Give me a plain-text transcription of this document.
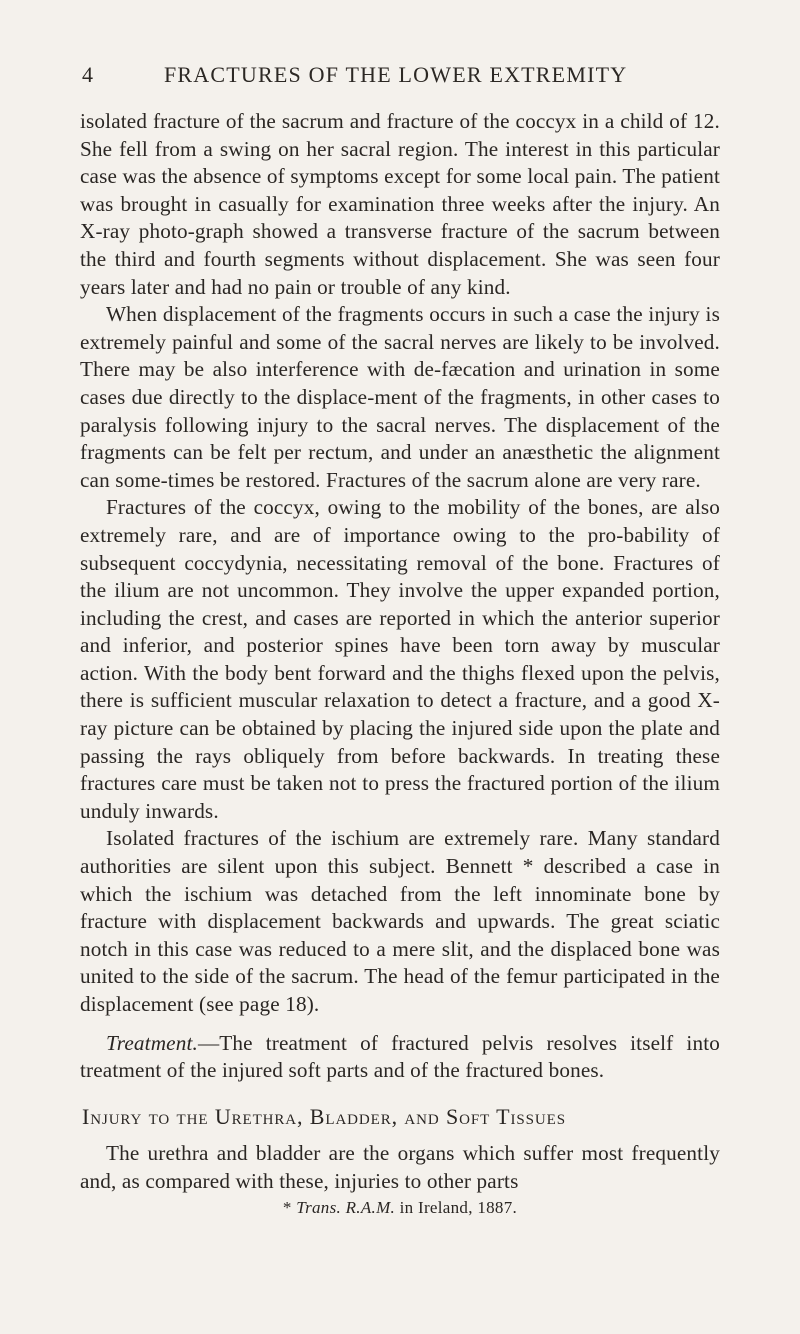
4	FRACTURES OF THE LOWER EXTREMITY

isolated fracture of the sacrum and fracture of the coccyx in a child of 12. She fell from a swing on her sacral region. The interest in this particular case was the absence of symptoms except for some local pain. The patient was brought in casually for examination three weeks after the injury. An X-ray photo-graph showed a transverse fracture of the sacrum between the third and fourth segments without displacement. She was seen four years later and had no pain or trouble of any kind.

When displacement of the fragments occurs in such a case the injury is extremely painful and some of the sacral nerves are likely to be involved. There may be also interference with de-fæcation and urination in some cases due directly to the displace-ment of the fragments, in other cases to paralysis following injury to the sacral nerves. The displacement of the fragments can be felt per rectum, and under an anæsthetic the alignment can some-times be restored. Fractures of the sacrum alone are very rare.

Fractures of the coccyx, owing to the mobility of the bones, are also extremely rare, and are of importance owing to the pro-bability of subsequent coccydynia, necessitating removal of the bone. Fractures of the ilium are not uncommon. They involve the upper expanded portion, including the crest, and cases are reported in which the anterior superior and inferior, and posterior spines have been torn away by muscular action. With the body bent forward and the thighs flexed upon the pelvis, there is sufficient muscular relaxation to detect a fracture, and a good X-ray picture can be obtained by placing the injured side upon the plate and passing the rays obliquely from before backwards. In treating these fractures care must be taken not to press the fractured portion of the ilium unduly inwards.

Isolated fractures of the ischium are extremely rare. Many standard authorities are silent upon this subject. Bennett * described a case in which the ischium was detached from the left innominate bone by fracture with displacement backwards and upwards. The great sciatic notch in this case was reduced to a mere slit, and the displaced bone was united to the side of the sacrum. The head of the femur participated in the displacement (see page 18).

Treatment.—The treatment of fractured pelvis resolves itself into treatment of the injured soft parts and of the fractured bones.

Injury to the Urethra, Bladder, and Soft Tissues

The urethra and bladder are the organs which suffer most frequently and, as compared with these, injuries to other parts

* Trans. R.A.M. in Ireland, 1887.
